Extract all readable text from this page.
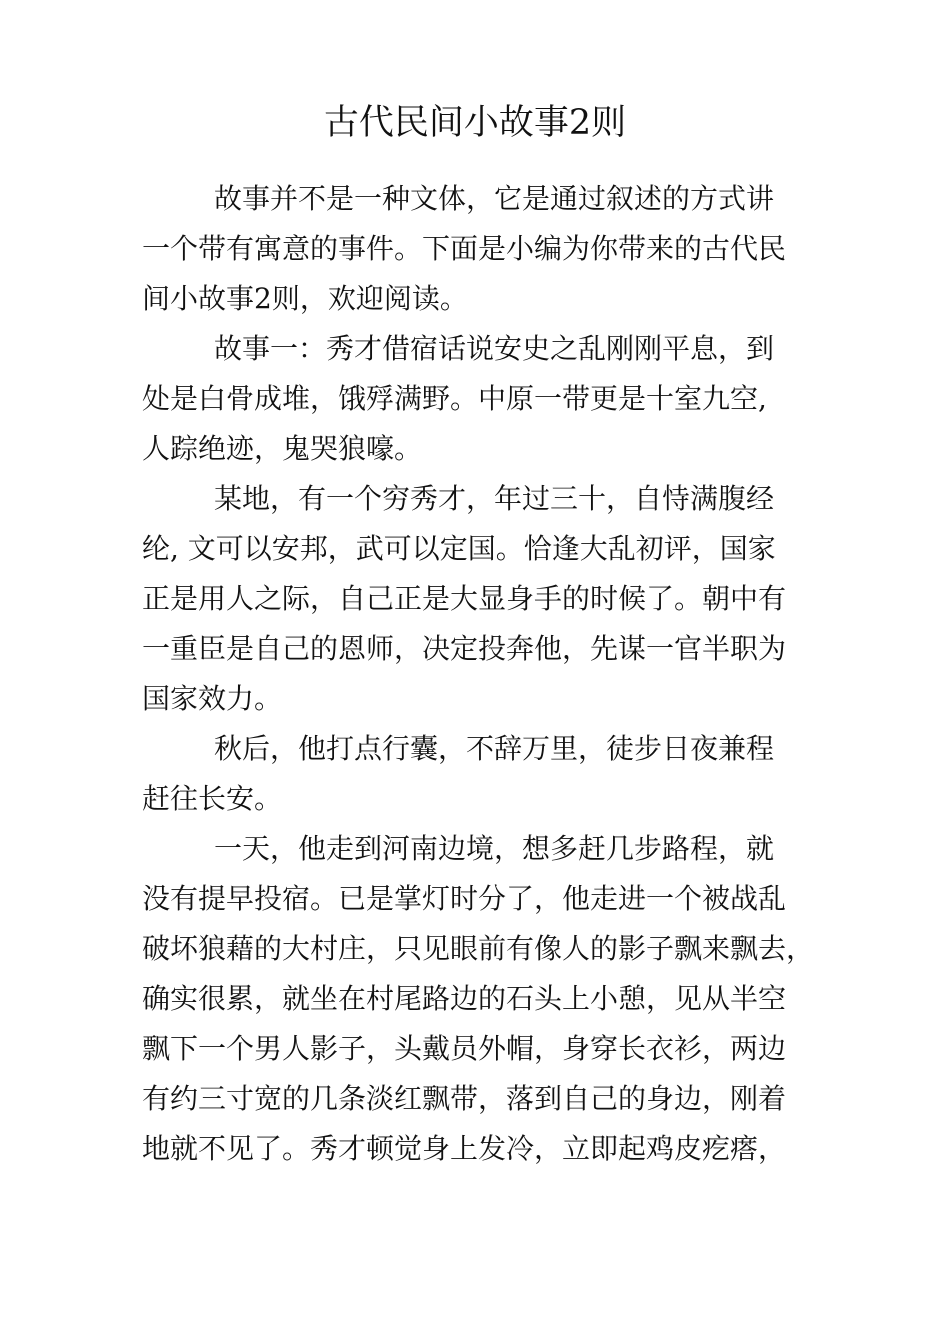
古代民间小故事2则

故事并不是一种文体，它是通过叙述的方式讲
一个带有寓意的事件。下面是小编为你带来的古代民
间小故事2则，欢迎阅读。

故事一：秀才借宿话说安史之乱刚刚平息，到
处是白骨成堆，饿殍满野。中原一带更是十室九空,
人踪绝迹，鬼哭狼嚎。

某地，有一个穷秀才，年过三十，自恃满腹经
纶, 文可以安邦，武可以定国。恰逢大乱初评，国家
正是用人之际，自己正是大显身手的时候了。朝中有
一重臣是自己的恩师，决定投奔他，先谋一官半职为
国家效力。

秋后，他打点行囊，不辞万里，徒步日夜兼程
赶往长安。

一天，他走到河南边境，想多赶几步路程，就
没有提早投宿。已是掌灯时分了，他走进一个被战乱
破坏狼藉的大村庄，只见眼前有像人的影子飘来飘去，
确实很累，就坐在村尾路边的石头上小憩，见从半空
飘下一个男人影子，头戴员外帽，身穿长衣衫，两边
有约三寸宽的几条淡红飘带，落到自己的身边，刚着
地就不见了。秀才顿觉身上发冷，立即起鸡皮疙瘩，
